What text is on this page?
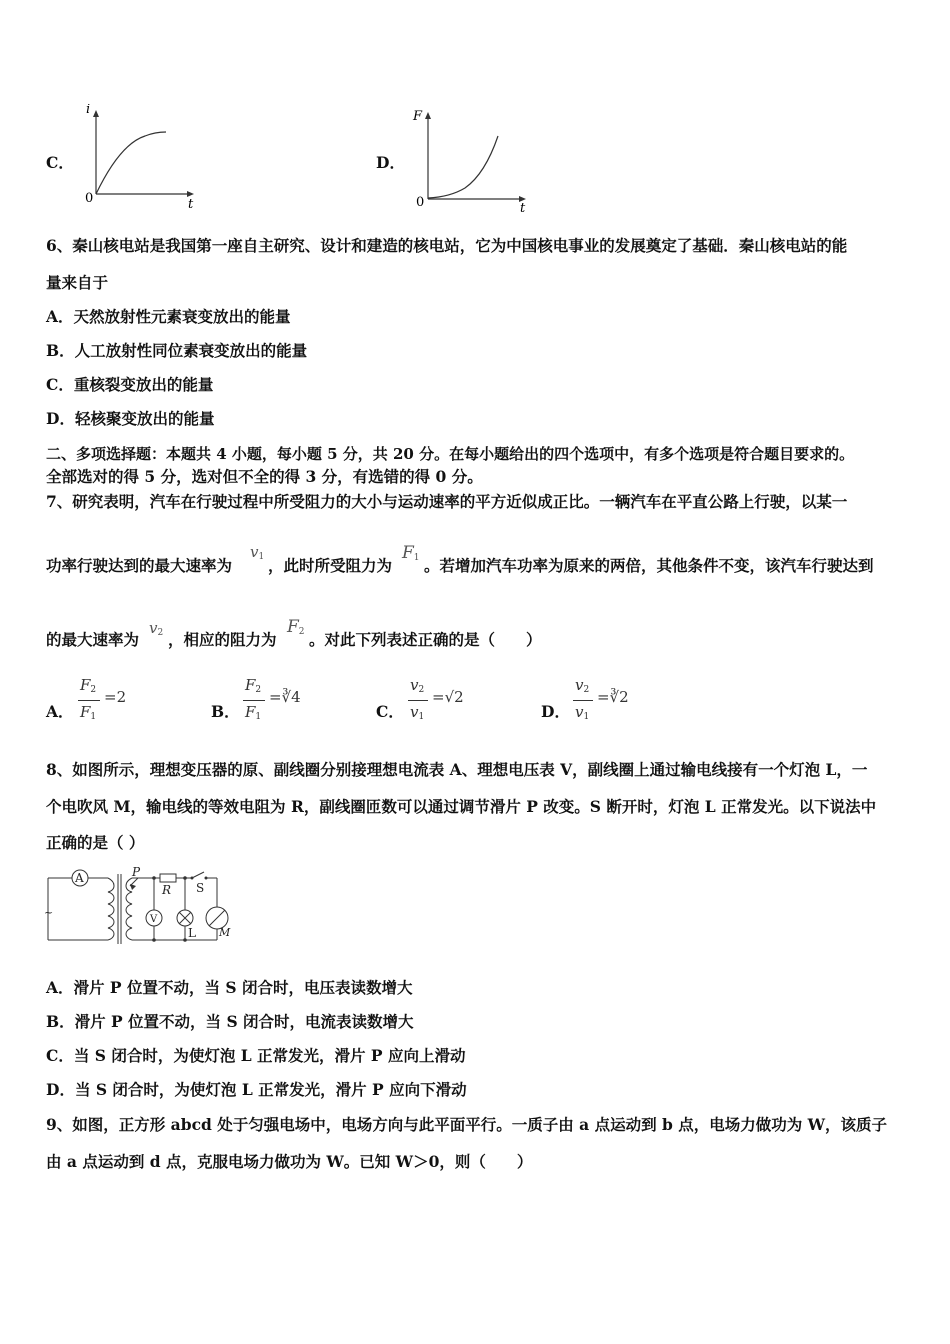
C．
i
t
0
D．
F
t
0
6、秦山核电站是我国第一座自主研究、设计和建造的核电站，它为中国核电事业的发展奠定了基础．秦山核电站的能
量来自于
A．天然放射性元素衰变放出的能量
B．人工放射性同位素衰变放出的能量
C．重核裂变放出的能量
D．轻核聚变放出的能量
二、多项选择题：本题共 4 小题，每小题 5 分，共 20 分。在每小题给出的四个选项中，有多个选项是符合题目要求的。
全部选对的得 5 分，选对但不全的得 3 分，有选错的得 0 分。
7、研究表明，汽车在行驶过程中所受阻力的大小与运动速率的平方近似成正比。一辆汽车在平直公路上行驶，以某一
功率行驶达到的最大速率为
$v_1$ ，此时所受阻力为
$F_1$ 。若增加汽车功率为原来的两倍，其他条件不变，该汽车行驶达到
的最大速率为
$v_2$ ，相应的阻力为
$F_2$ 。对此下列表述正确的是（　　）
A．
$F_2$
$F_1$
=2
B．
$F_2$
$F_1$
=∛4
C．
$v_2$
$v_1$
=√2
D．
$v_2$
$v_1$
=∛2
8、如图所示，理想变压器的原、副线圈分别接理想电流表 A、理想电压表 V，副线圈上通过输电线接有一个灯泡 L，一
个电吹风 M，输电线的等效电阻为 R，副线圈匝数可以通过调节滑片 P 改变。S 断开时，灯泡 L 正常发光。以下说法中
正确的是（ ）
A
V
P
R S
L M
~
A．滑片 P 位置不动，当 S 闭合时，电压表读数增大
B．滑片 P 位置不动，当 S 闭合时，电流表读数增大
C．当 S 闭合时，为使灯泡 L 正常发光，滑片 P 应向上滑动
D．当 S 闭合时，为使灯泡 L 正常发光，滑片 P 应向下滑动
9、如图，正方形 abcd 处于匀强电场中，电场方向与此平面平行。一质子由 a 点运动到 b 点，电场力做功为 W，该质子
由 a 点运动到 d 点，克服电场力做功为 W。已知 W＞0，则（　　）
